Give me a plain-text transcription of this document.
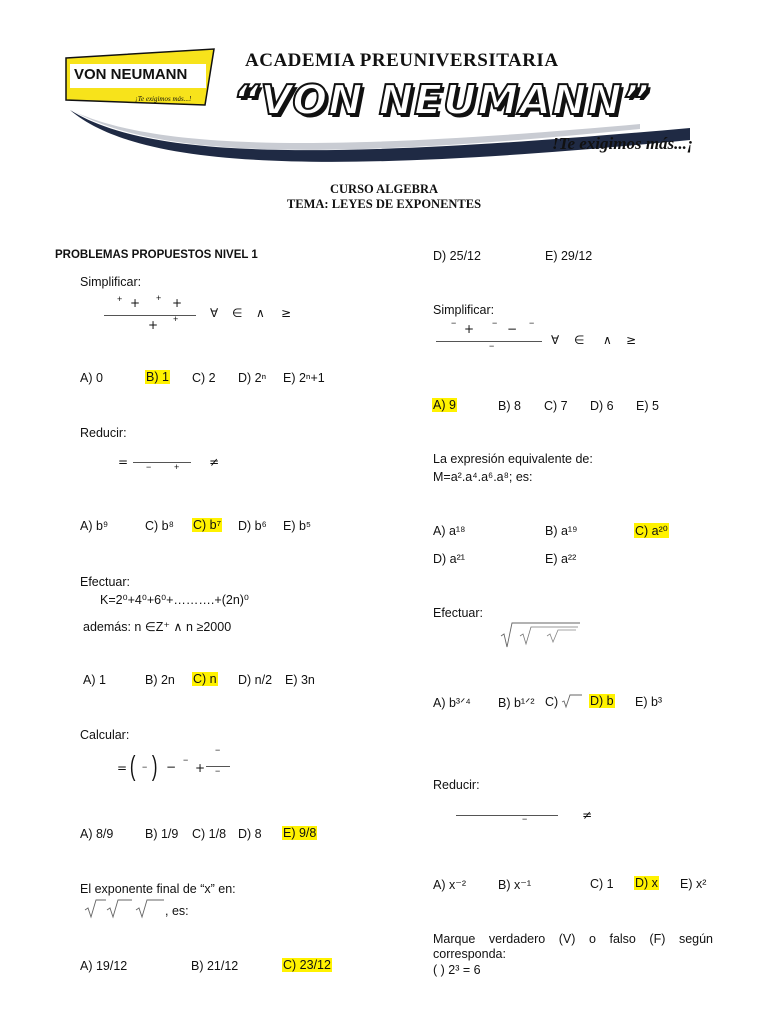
VON NEUMANN
¡Te exigimos más...!
ACADEMIA PREUNIVERSITARIA
“VON NEUMANN”
!Te exigimos más...¡
CURSO ALGEBRA
TEMA: LEYES DE EXPONENTES
PROBLEMAS PROPUESTOS NIVEL 1
Simplificar:
+ + + +
+ +	∀ ∈ ∧ ≥
A) 0	B) 1 C) 2 D) 2ⁿ E) 2ⁿ+1
Reducir:
= −	+ ≠
A) b⁹	C) b⁸ C) b⁷ D) b⁶ E) b⁵
Efectuar:
K=2⁰+4⁰+6⁰+……….+(2n)⁰
además: n ∈Z⁺ ∧ n ≥2000
A) 1	B) 2n C) n D) n/2 E) 3n
Calcular:
= ( − ) − −
+
−
−
A) 8/9	B) 1/9 C) 1/8 D) 8 E) 9/8
El exponente final de “x” en:
, es:
A) 19/12	B) 21/12	C) 23/12
D) 25/12	E) 29/12
Simplificar:
− + − − −
−	∀ ∈ ∧ ≥
A) 9	B) 8 C) 7 D) 6 E) 5
La expresión equivalente de:
M=a².a⁴.a⁶.a⁸; es:
A) a¹⁸	B) a¹⁹	C) a²⁰
D) a²¹	E) a²²
Efectuar:
A) b³ᐟ⁴ B) b¹ᐟ² C)	D) b E) b³
Reducir:
−	≠
A) x⁻²	B) x⁻¹	C) 1 D) x E) x²
Marque verdadero (V) o falso (F) según corresponda:
( ) 2³ = 6
